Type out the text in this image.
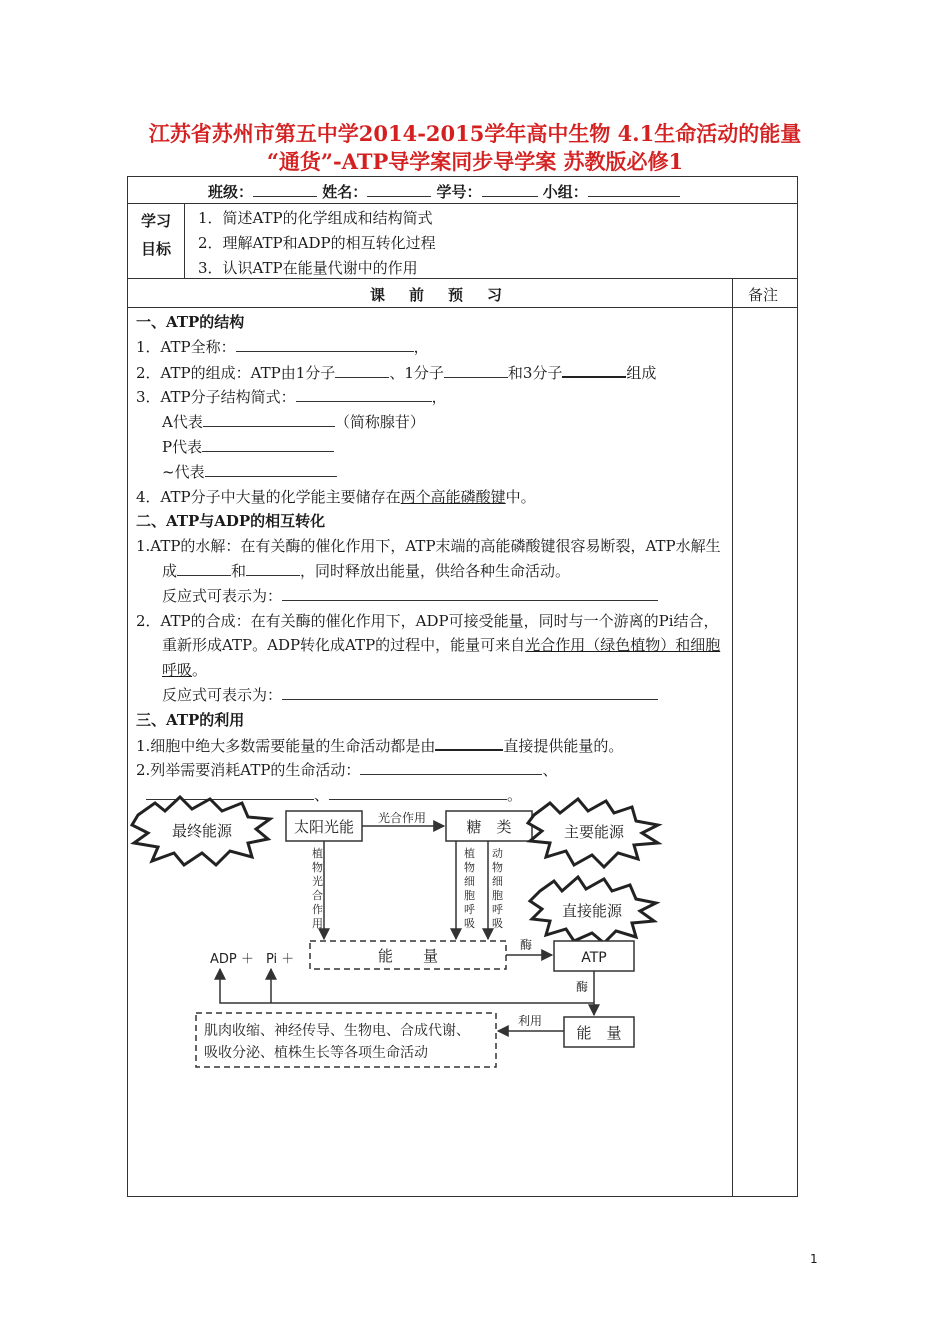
江苏省苏州市第五中学2014-2015学年高中生物 4.1生命活动的能量
“通货”-ATP导学案同步导学案 苏教版必修1
班级：	姓名：	学号：	小组：
学习
目标
1．简述ATP的化学组成和结构简式
2．理解ATP和ADP的相互转化过程
3．认识ATP在能量代谢中的作用
课前预习	备注
一、ATP的结构
1．ATP全称：	，
2．ATP的组成：ATP由1分子	、1分子	和3分子	组成
3．ATP分子结构简式：	，
A代表	（简称腺苷）
P代表
~代表
4．ATP分子中大量的化学能主要储存在两个高能磷酸键中。
二、ATP与ADP的相互转化
1.ATP的水解：在有关酶的催化作用下，ATP末端的高能磷酸键很容易断裂，ATP水解生成	和	，同时释放出能量，供给各种生命活动。
反应式可表示为：
2．ATP的合成：在有关酶的催化作用下，ADP可接受能量，同时与一个游离的Pi结合，重新形成ATP。ADP转化成ATP的过程中，能量可来自光合作用（绿色植物）和细胞呼吸。
反应式可表示为：
三、ATP的利用
1.细胞中绝大多数需要能量的生命活动都是由	直接提供能量的。
2.列举需要消耗ATP的生命活动：	、
、	。
最终能源	太阳光能 光合作用	糖　类	主要能源
直接能源
植
物
光
合
作
用
植
物
细
胞
呼
吸
动
物
细
胞
呼
吸
能　　量
ADP ＋ Pi ＋
酶
ATP
酶
能　量
利用
肌肉收缩、神经传导、生物电、合成代谢、
吸收分泌、植株生长等各项生命活动
1
